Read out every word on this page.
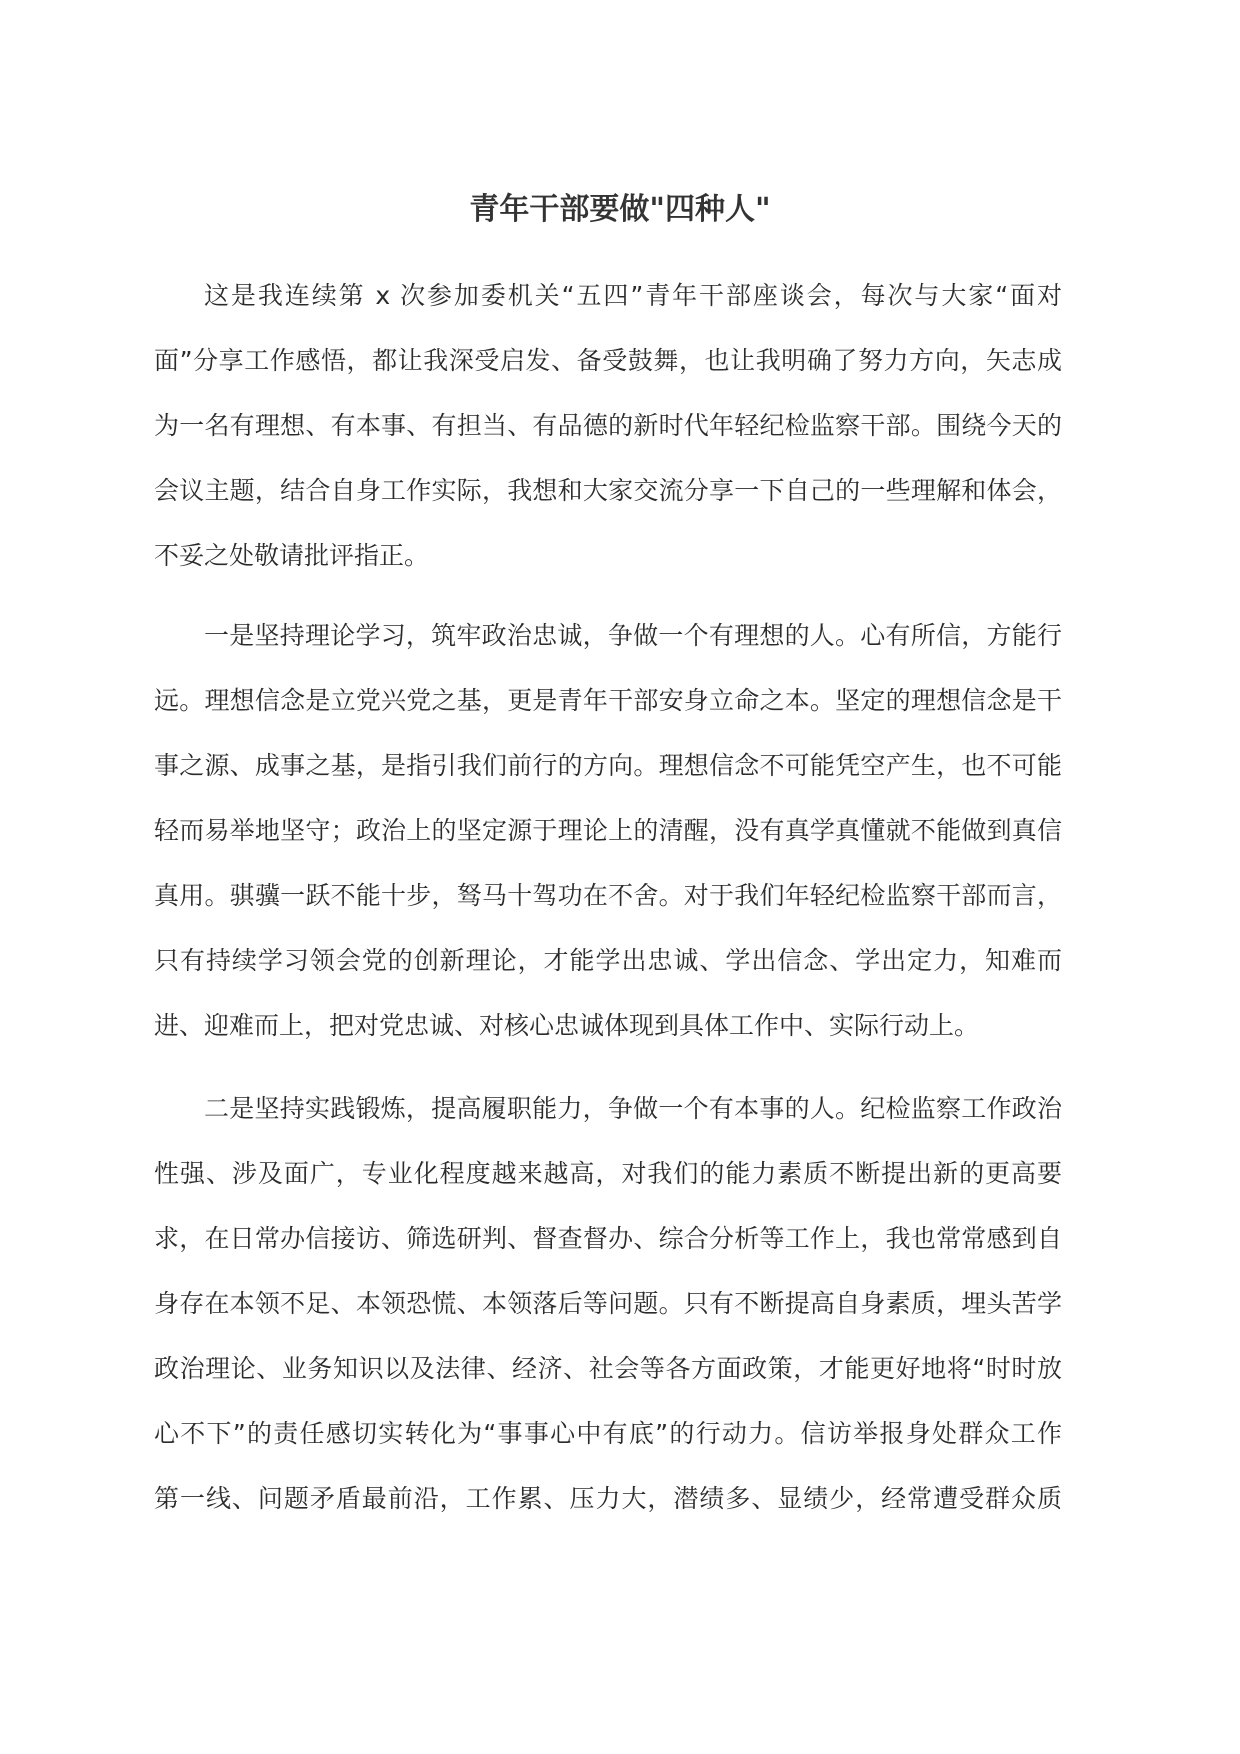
青年干部要做"四种人"
这是我连续第 x 次参加委机关“五四”青年干部座谈会，每次与大家“面对
面”分享工作感悟，都让我深受启发、备受鼓舞，也让我明确了努力方向，矢志成
为一名有理想、有本事、有担当、有品德的新时代年轻纪检监察干部。围绕今天的
会议主题，结合自身工作实际，我想和大家交流分享一下自己的一些理解和体会，
不妥之处敬请批评指正。
一是坚持理论学习，筑牢政治忠诚，争做一个有理想的人。心有所信，方能行
远。理想信念是立党兴党之基，更是青年干部安身立命之本。坚定的理想信念是干
事之源、成事之基，是指引我们前行的方向。理想信念不可能凭空产生，也不可能
轻而易举地坚守；政治上的坚定源于理论上的清醒，没有真学真懂就不能做到真信
真用。骐骥一跃不能十步，驽马十驾功在不舍。对于我们年轻纪检监察干部而言，
只有持续学习领会党的创新理论，才能学出忠诚、学出信念、学出定力，知难而
进、迎难而上，把对党忠诚、对核心忠诚体现到具体工作中、实际行动上。
二是坚持实践锻炼，提高履职能力，争做一个有本事的人。纪检监察工作政治
性强、涉及面广，专业化程度越来越高，对我们的能力素质不断提出新的更高要
求，在日常办信接访、筛选研判、督查督办、综合分析等工作上，我也常常感到自
身存在本领不足、本领恐慌、本领落后等问题。只有不断提高自身素质，埋头苦学
政治理论、业务知识以及法律、经济、社会等各方面政策，才能更好地将“时时放
心不下”的责任感切实转化为“事事心中有底”的行动力。信访举报身处群众工作
第一线、问题矛盾最前沿，工作累、压力大，潜绩多、显绩少，经常遭受群众质
